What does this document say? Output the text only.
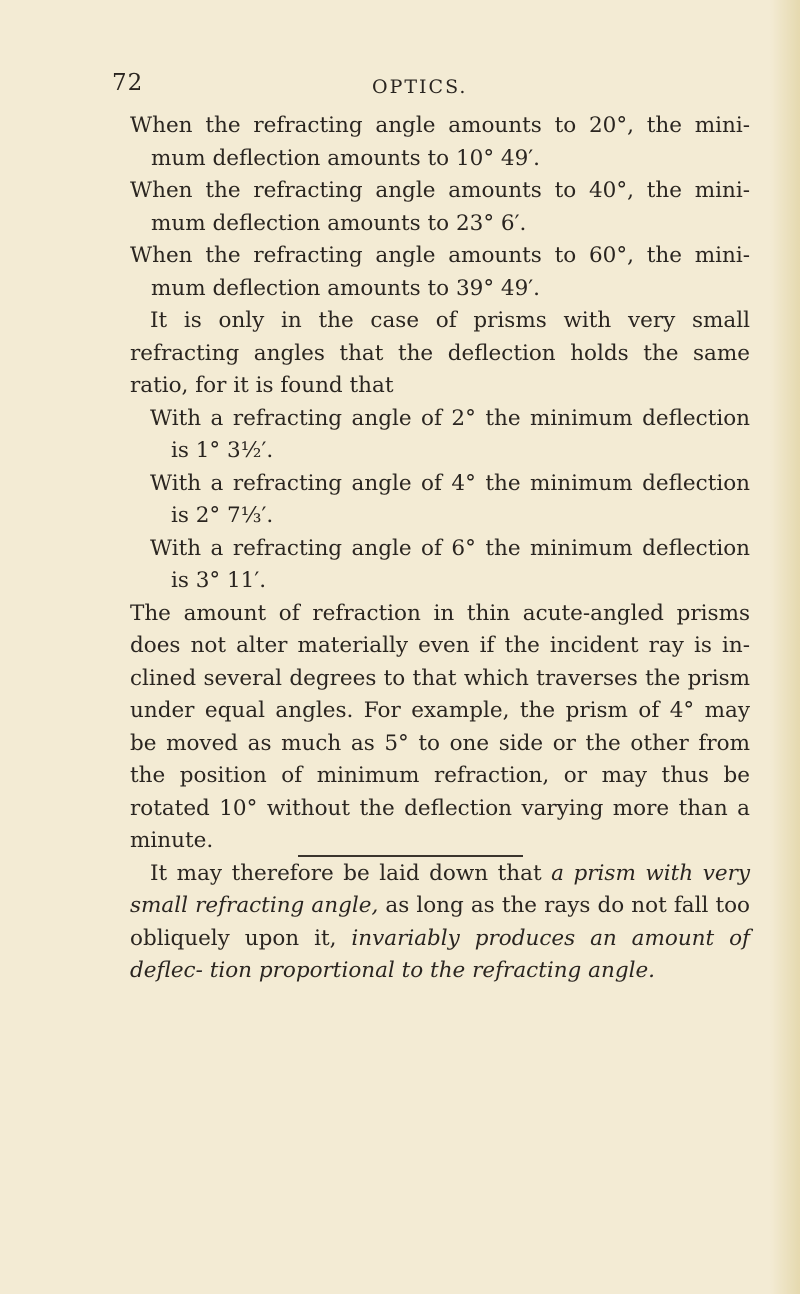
72	OPTICS.

When the refracting angle amounts to 20°, the mini- mum deflection amounts to 10° 49′.

When the refracting angle amounts to 40°, the mini- mum deflection amounts to 23° 6′.

When the refracting angle amounts to 60°, the mini- mum deflection amounts to 39° 49′.

It is only in the case of prisms with very small refracting angles that the deflection holds the same ratio, for it is found that

With a refracting angle of 2° the minimum deflection is 1° 3½′.

With a refracting angle of 4° the minimum deflection is 2° 7⅓′.

With a refracting angle of 6° the minimum deflection is 3° 11′.

The amount of refraction in thin acute-angled prisms does not alter materially even if the incident ray is in- clined several degrees to that which traverses the prism under equal angles. For example, the prism of 4° may be moved as much as 5° to one side or the other from the position of minimum refraction, or may thus be rotated 10° without the deflection varying more than a minute.

It may therefore be laid down that a prism with very small refracting angle, as long as the rays do not fall too obliquely upon it, invariably produces an amount of deflec- tion proportional to the refracting angle.
